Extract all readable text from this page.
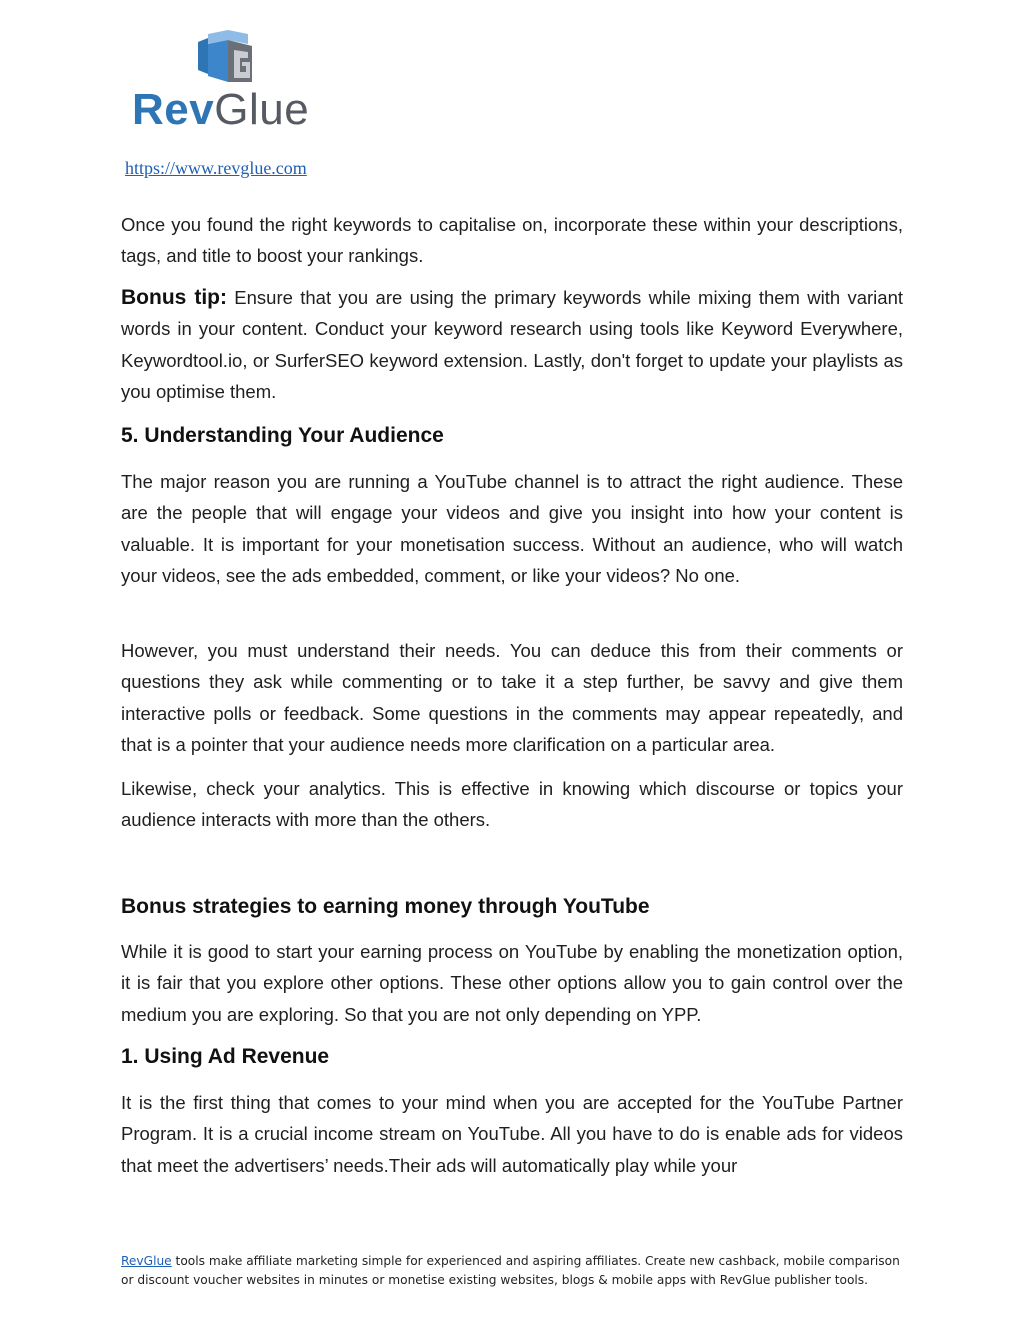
RevGlue
https://www.revglue.com

Once you found the right keywords to capitalise on, incorporate these within your descriptions, tags, and title to boost your rankings.

Bonus tip: Ensure that you are using the primary keywords while mixing them with variant words in your content. Conduct your keyword research using tools like Keyword Everywhere, Keywordtool.io, or SurferSEO keyword extension. Lastly, don't forget to update your playlists as you optimise them.

5. Understanding Your Audience

The major reason you are running a YouTube channel is to attract the right audience. These are the people that will engage your videos and give you insight into how your content is valuable. It is important for your monetisation success. Without an audience, who will watch your videos, see the ads embedded, comment, or like your videos? No one.

However, you must understand their needs. You can deduce this from their comments or questions they ask while commenting or to take it a step further, be savvy and give them interactive polls or feedback. Some questions in the comments may appear repeatedly, and that is a pointer that your audience needs more clarification on a particular area.

Likewise, check your analytics. This is effective in knowing which discourse or topics your audience interacts with more than the others.

Bonus strategies to earning money through YouTube

While it is good to start your earning process on YouTube by enabling the monetization option, it is fair that you explore other options. These other options allow you to gain control over the medium you are exploring. So that you are not only depending on YPP.

1. Using Ad Revenue

It is the first thing that comes to your mind when you are accepted for the YouTube Partner Program. It is a crucial income stream on YouTube. All you have to do is enable ads for videos that meet the advertisers’ needs.Their ads will automatically play while your

RevGlue tools make affiliate marketing simple for experienced and aspiring affiliates. Create new cashback, mobile comparison or discount voucher websites in minutes or monetise existing websites, blogs & mobile apps with RevGlue publisher tools.
